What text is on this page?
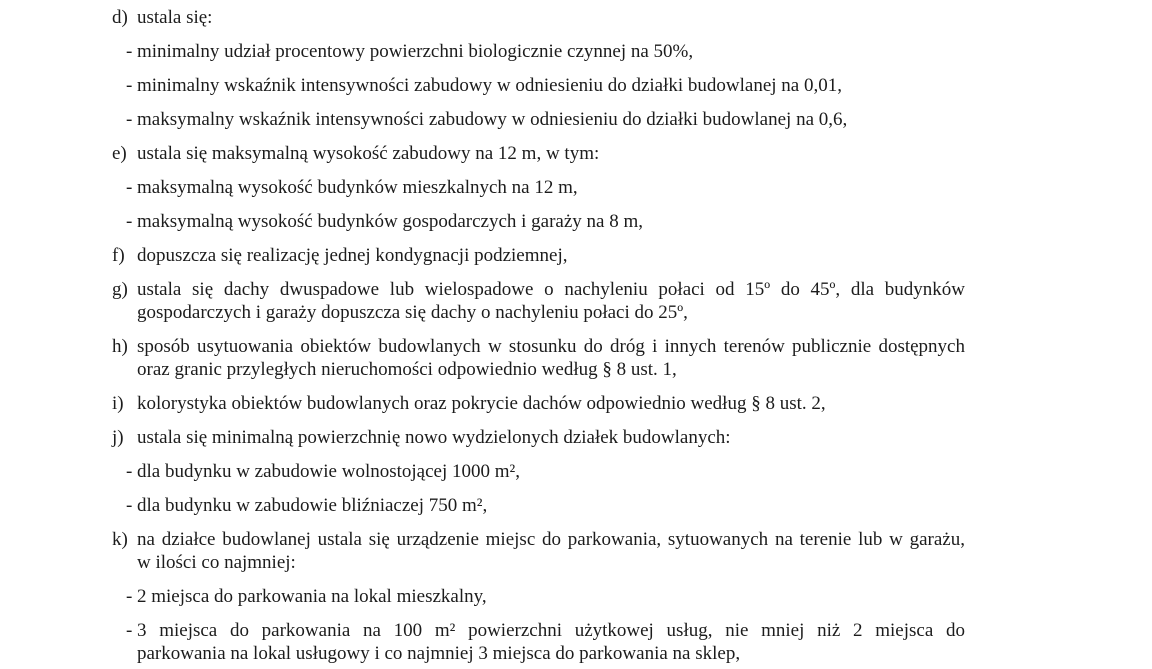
d) ustala się:
- minimalny udział procentowy powierzchni biologicznie czynnej na 50%,
- minimalny wskaźnik intensywności zabudowy w odniesieniu do działki budowlanej na 0,01,
- maksymalny wskaźnik intensywności zabudowy w odniesieniu do działki budowlanej na 0,6,
e) ustala się maksymalną wysokość zabudowy na 12 m, w tym:
- maksymalną wysokość budynków mieszkalnych na 12 m,
- maksymalną wysokość budynków gospodarczych i garaży na 8 m,
f) dopuszcza się realizację jednej kondygnacji podziemnej,
g) ustala się dachy dwuspadowe lub wielospadowe o nachyleniu połaci od 15º do 45º, dla budynków
gospodarczych i garaży dopuszcza się dachy o nachyleniu połaci do 25º,
h) sposób usytuowania obiektów budowlanych w stosunku do dróg i innych terenów publicznie dostępnych
oraz granic przyległych nieruchomości odpowiednio według § 8 ust. 1,
i) kolorystyka obiektów budowlanych oraz pokrycie dachów odpowiednio według § 8 ust. 2,
j) ustala się minimalną powierzchnię nowo wydzielonych działek budowlanych:
- dla budynku w zabudowie wolnostojącej 1000 m²,
- dla budynku w zabudowie bliźniaczej 750 m²,
k) na działce budowlanej ustala się urządzenie miejsc do parkowania, sytuowanych na terenie lub w garażu,
w ilości co najmniej:
- 2 miejsca do parkowania na lokal mieszkalny,
- 3 miejsca do parkowania na 100 m² powierzchni użytkowej usług, nie mniej niż 2 miejsca do
parkowania na lokal usługowy i co najmniej 3 miejsca do parkowania na sklep,
